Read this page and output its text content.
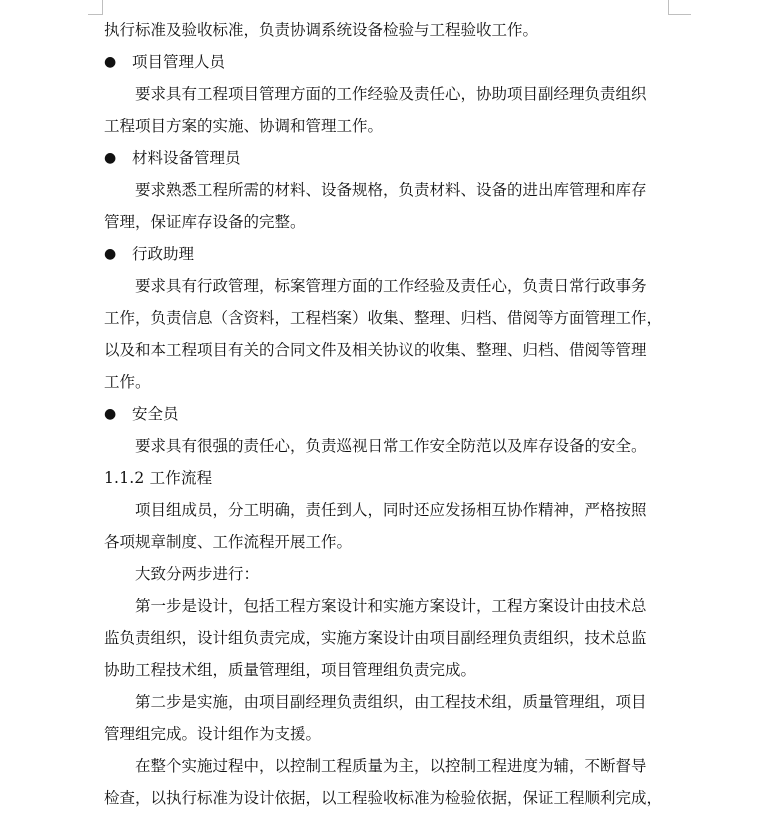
执行标准及验收标准，负责协调系统设备检验与工程验收工作。
●	项目管理人员
要求具有工程项目管理方面的工作经验及责任心，协助项目副经理负责组织
工程项目方案的实施、协调和管理工作。
●	材料设备管理员
要求熟悉工程所需的材料、设备规格，负责材料、设备的进出库管理和库存
管理，保证库存设备的完整。
●	行政助理
要求具有行政管理，标案管理方面的工作经验及责任心，负责日常行政事务
工作，负责信息（含资料，工程档案）收集、整理、归档、借阅等方面管理工作，
以及和本工程项目有关的合同文件及相关协议的收集、整理、归档、借阅等管理
工作。
●	安全员
要求具有很强的责任心，负责巡视日常工作安全防范以及库存设备的安全。
1.1.2 工作流程
项目组成员，分工明确，责任到人，同时还应发扬相互协作精神，严格按照
各项规章制度、工作流程开展工作。
大致分两步进行：
第一步是设计，包括工程方案设计和实施方案设计，工程方案设计由技术总
监负责组织，设计组负责完成，实施方案设计由项目副经理负责组织，技术总监
协助工程技术组，质量管理组，项目管理组负责完成。
第二步是实施，由项目副经理负责组织，由工程技术组，质量管理组，项目
管理组完成。设计组作为支援。
在整个实施过程中，以控制工程质量为主，以控制工程进度为辅，不断督导
检查，以执行标准为设计依据，以工程验收标准为检验依据，保证工程顺利完成，
